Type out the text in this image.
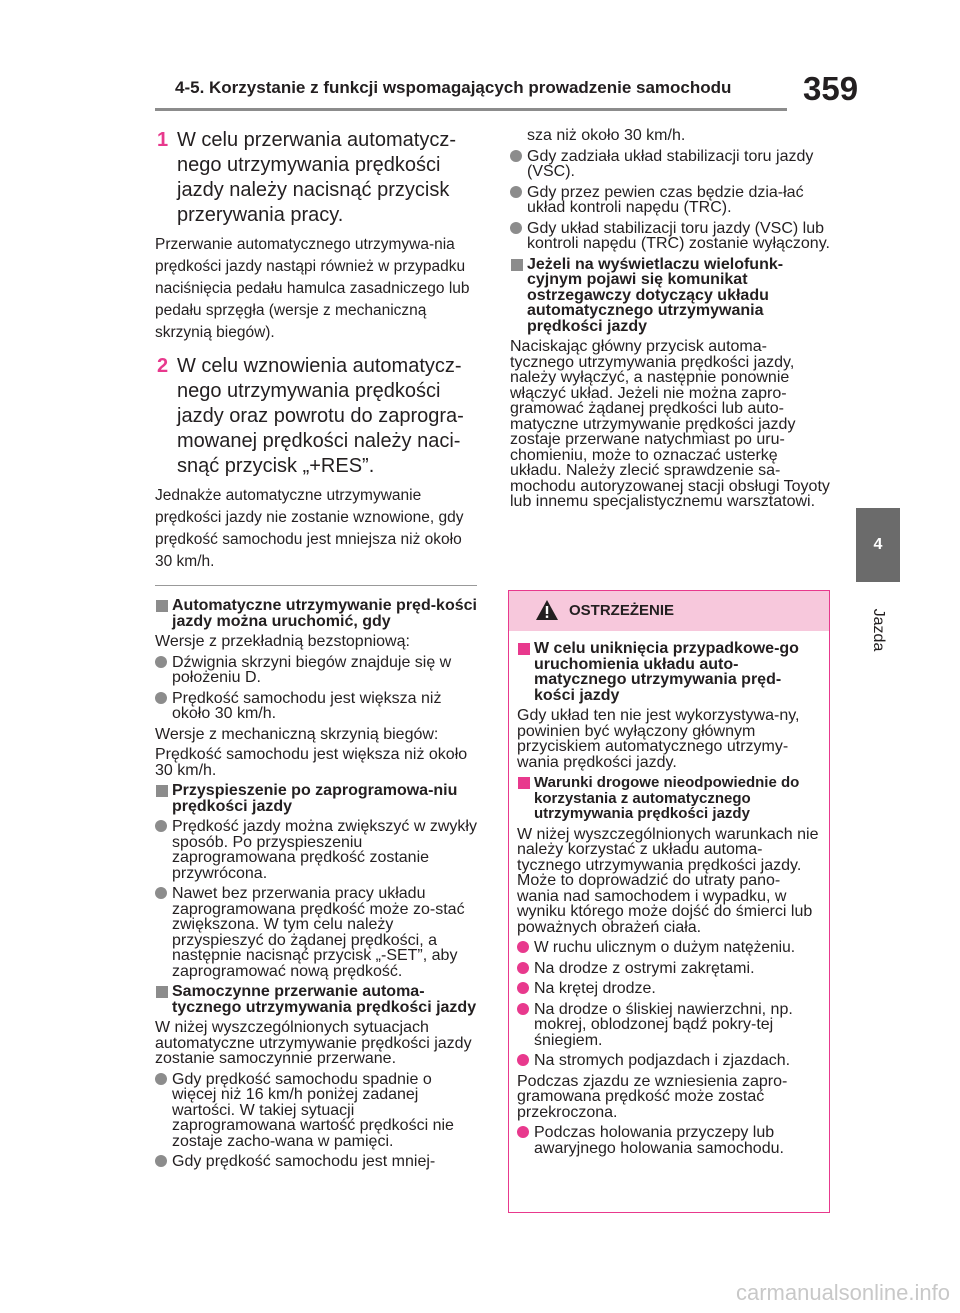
4-5. Korzystanie z funkcji wspomagających prowadzenie samochodu	359
4
Jazda
1 W celu przerwania automatycz-nego utrzymywania prędkości jazdy należy nacisnąć przycisk przerywania pracy.
Przerwanie automatycznego utrzymywa-nia prędkości jazdy nastąpi również w przypadku naciśnięcia pedału hamulca zasadniczego lub pedału sprzęgła (wersje z mechaniczną skrzynią biegów).
2 W celu wznowienia automatycz-nego utrzymywania prędkości jazdy oraz powrotu do zaprogra-mowanej prędkości należy naci-snąć przycisk „+RES”.
Jednakże automatyczne utrzymywanie prędkości jazdy nie zostanie wznowione, gdy prędkość samochodu jest mniejsza niż około 30 km/h.
Automatyczne utrzymywanie pręd-kości jazdy można uruchomić, gdy
Wersje z przekładnią bezstopniową:
Dźwignia skrzyni biegów znajduje się w położeniu D.
Prędkość samochodu jest większa niż około 30 km/h.
Wersje z mechaniczną skrzynią biegów:
Prędkość samochodu jest większa niż około 30 km/h.
Przyspieszenie po zaprogramowa-niu prędkości jazdy
Prędkość jazdy można zwiększyć w zwykły sposób. Po przyspieszeniu zaprogramowana prędkość zostanie przywrócona.
Nawet bez przerwania pracy układu zaprogramowana prędkość może zo-stać zwiększona. W tym celu należy przyspieszyć do żądanej prędkości, a następnie nacisnąć przycisk „-SET”, aby zaprogramować nową prędkość.
Samoczynne przerwanie automa-tycznego utrzymywania prędkości jazdy
W niżej wyszczególnionych sytuacjach automatyczne utrzymywanie prędkości jazdy zostanie samoczynnie przerwane.
Gdy prędkość samochodu spadnie o więcej niż 16 km/h poniżej zadanej wartości. W takiej sytuacji zaprogramowana wartość prędkości nie zostaje zacho-wana w pamięci.
Gdy prędkość samochodu jest mniej-
sza niż około 30 km/h.
Gdy zadziała układ stabilizacji toru jazdy (VSC).
Gdy przez pewien czas będzie dzia-łać układ kontroli napędu (TRC).
Gdy układ stabilizacji toru jazdy (VSC) lub kontroli napędu (TRC) zostanie wyłączony.
Jeżeli na wyświetlaczu wielofunk-cyjnym pojawi się komunikat ostrzegawczy dotyczący układu automatycznego utrzymywania prędkości jazdy
Naciskając główny przycisk automa-tycznego utrzymywania prędkości jazdy, należy wyłączyć, a następnie ponownie włączyć układ. Jeżeli nie można zapro-gramować żądanej prędkości lub auto-matyczne utrzymywanie prędkości jazdy zostaje przerwane natychmiast po uru-chomieniu, może to oznaczać usterkę układu. Należy zlecić sprawdzenie sa-mochodu autoryzowanej stacji obsługi Toyoty lub innemu specjalistycznemu warsztatowi.
OSTRZEŻENIE
W celu uniknięcia przypadkowe-go uruchomienia układu auto-matycznego utrzymywania pręd-kości jazdy
Gdy układ ten nie jest wykorzystywa-ny, powinien być wyłączony głównym przyciskiem automatycznego utrzymy-wania prędkości jazdy.
Warunki drogowe nieodpowiednie do korzystania z automatycznego utrzymywania prędkości jazdy
W niżej wyszczególnionych warunkach nie należy korzystać z układu automa-tycznego utrzymywania prędkości jazdy. Może to doprowadzić do utraty pano-wania nad samochodem i wypadku, w wyniku którego może dojść do śmierci lub poważnych obrażeń ciała.
W ruchu ulicznym o dużym natężeniu.
Na drodze z ostrymi zakrętami.
Na krętej drodze.
Na drodze o śliskiej nawierzchni, np. mokrej, oblodzonej bądź pokry-tej śniegiem.
Na stromych podjazdach i zjazdach.
Podczas zjazdu ze wzniesienia zapro-gramowana prędkość może zostać przekroczona.
Podczas holowania przyczepy lub awaryjnego holowania samochodu.
carmanualsonline.info
